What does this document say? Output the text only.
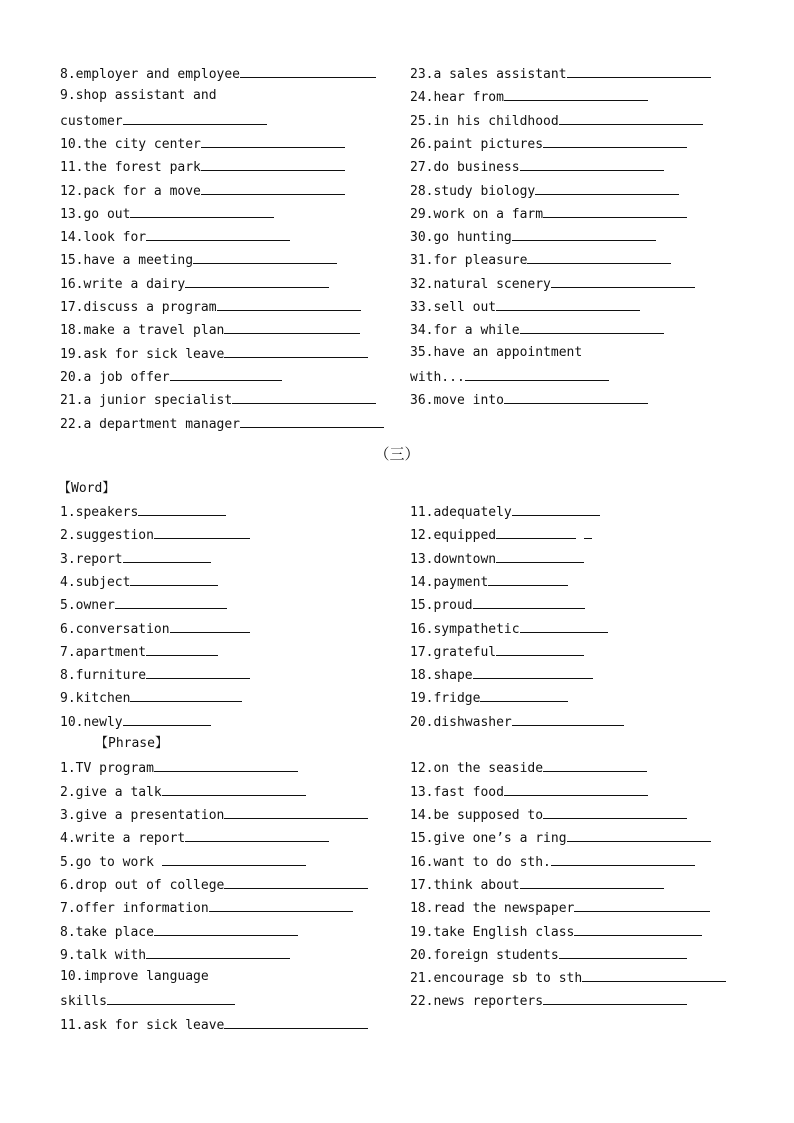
8.employer and employee
9.shop assistant and
customer
10.the city center
11.the forest park
12.pack for a move
13.go out
14.look for
15.have a meeting
16.write a dairy
17.discuss a program
18.make a travel plan
19.ask for sick leave
20.a job offer
21.a junior specialist
22.a department manager
23.a sales assistant
24.hear from
25.in his childhood
26.paint pictures
27.do business
28.study biology
29.work on a farm
30.go hunting
31.for pleasure
32.natural scenery
33.sell out
34.for a while
35.have an appointment
with...
36.move into
（三）
【Word】
1.speakers
2.suggestion
3.report
4.subject
5.owner
6.conversation
7.apartment
8.furniture
9.kitchen
10.newly
11.adequately
12.equipped

13.downtown
14.payment
15.proud
16.sympathetic
17.grateful
18.shape
19.fridge
20.dishwasher
【Phrase】
1.TV program
2.give a talk
3.give a presentation
4.write a report
5.go to work
6.drop out of college
7.offer information
8.take place
9.talk with
10.improve language
skills
11.ask for sick leave
12.on the seaside
13.fast food
14.be supposed to
15.give one’s a ring
16.want to do sth.
17.think about
18.read the newspaper
19.take English class
20.foreign students
21.encourage sb to sth
22.news reporters
